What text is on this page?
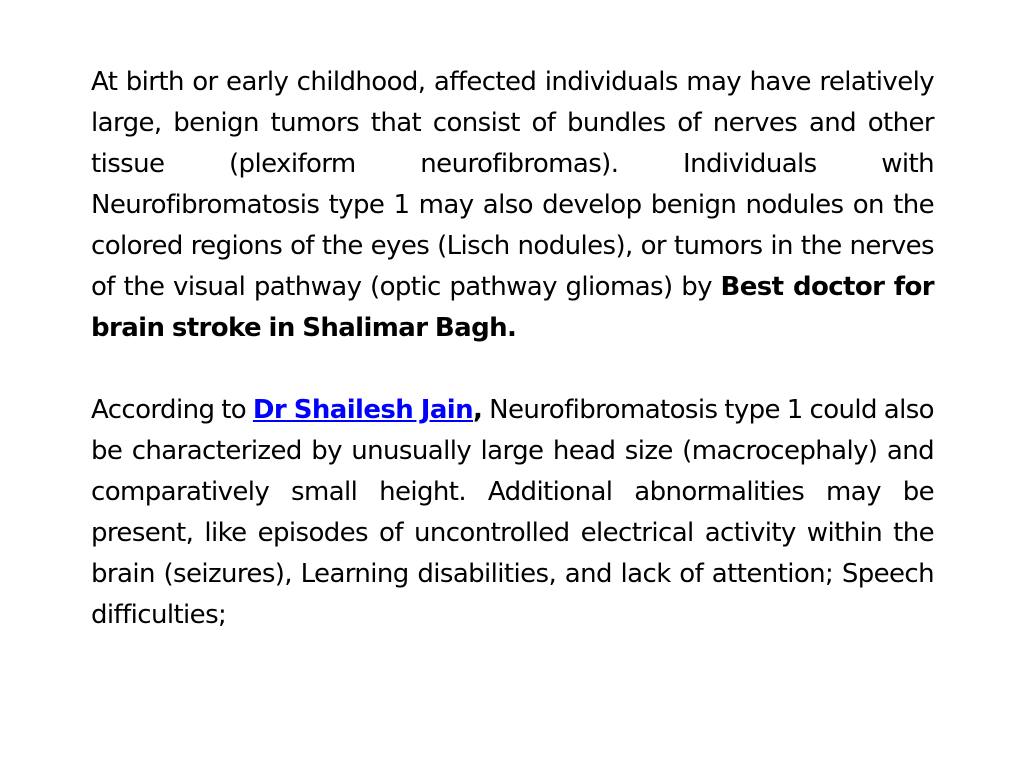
At birth or early childhood, affected individuals may have relatively large, benign tumors that consist of bundles of nerves and other tissue (plexiform neurofibromas). Individuals with Neurofibromatosis type 1 may also develop benign nodules on the colored regions of the eyes (Lisch nodules), or tumors in the nerves of the visual pathway (optic pathway gliomas) by Best doctor for brain stroke in Shalimar Bagh.

According to Dr Shailesh Jain, Neurofibromatosis type 1 could also be characterized by unusually large head size (macrocephaly) and comparatively small height. Additional abnormalities may be present, like episodes of uncontrolled electrical activity within the brain (seizures), Learning disabilities, and lack of attention; Speech difficulties;
